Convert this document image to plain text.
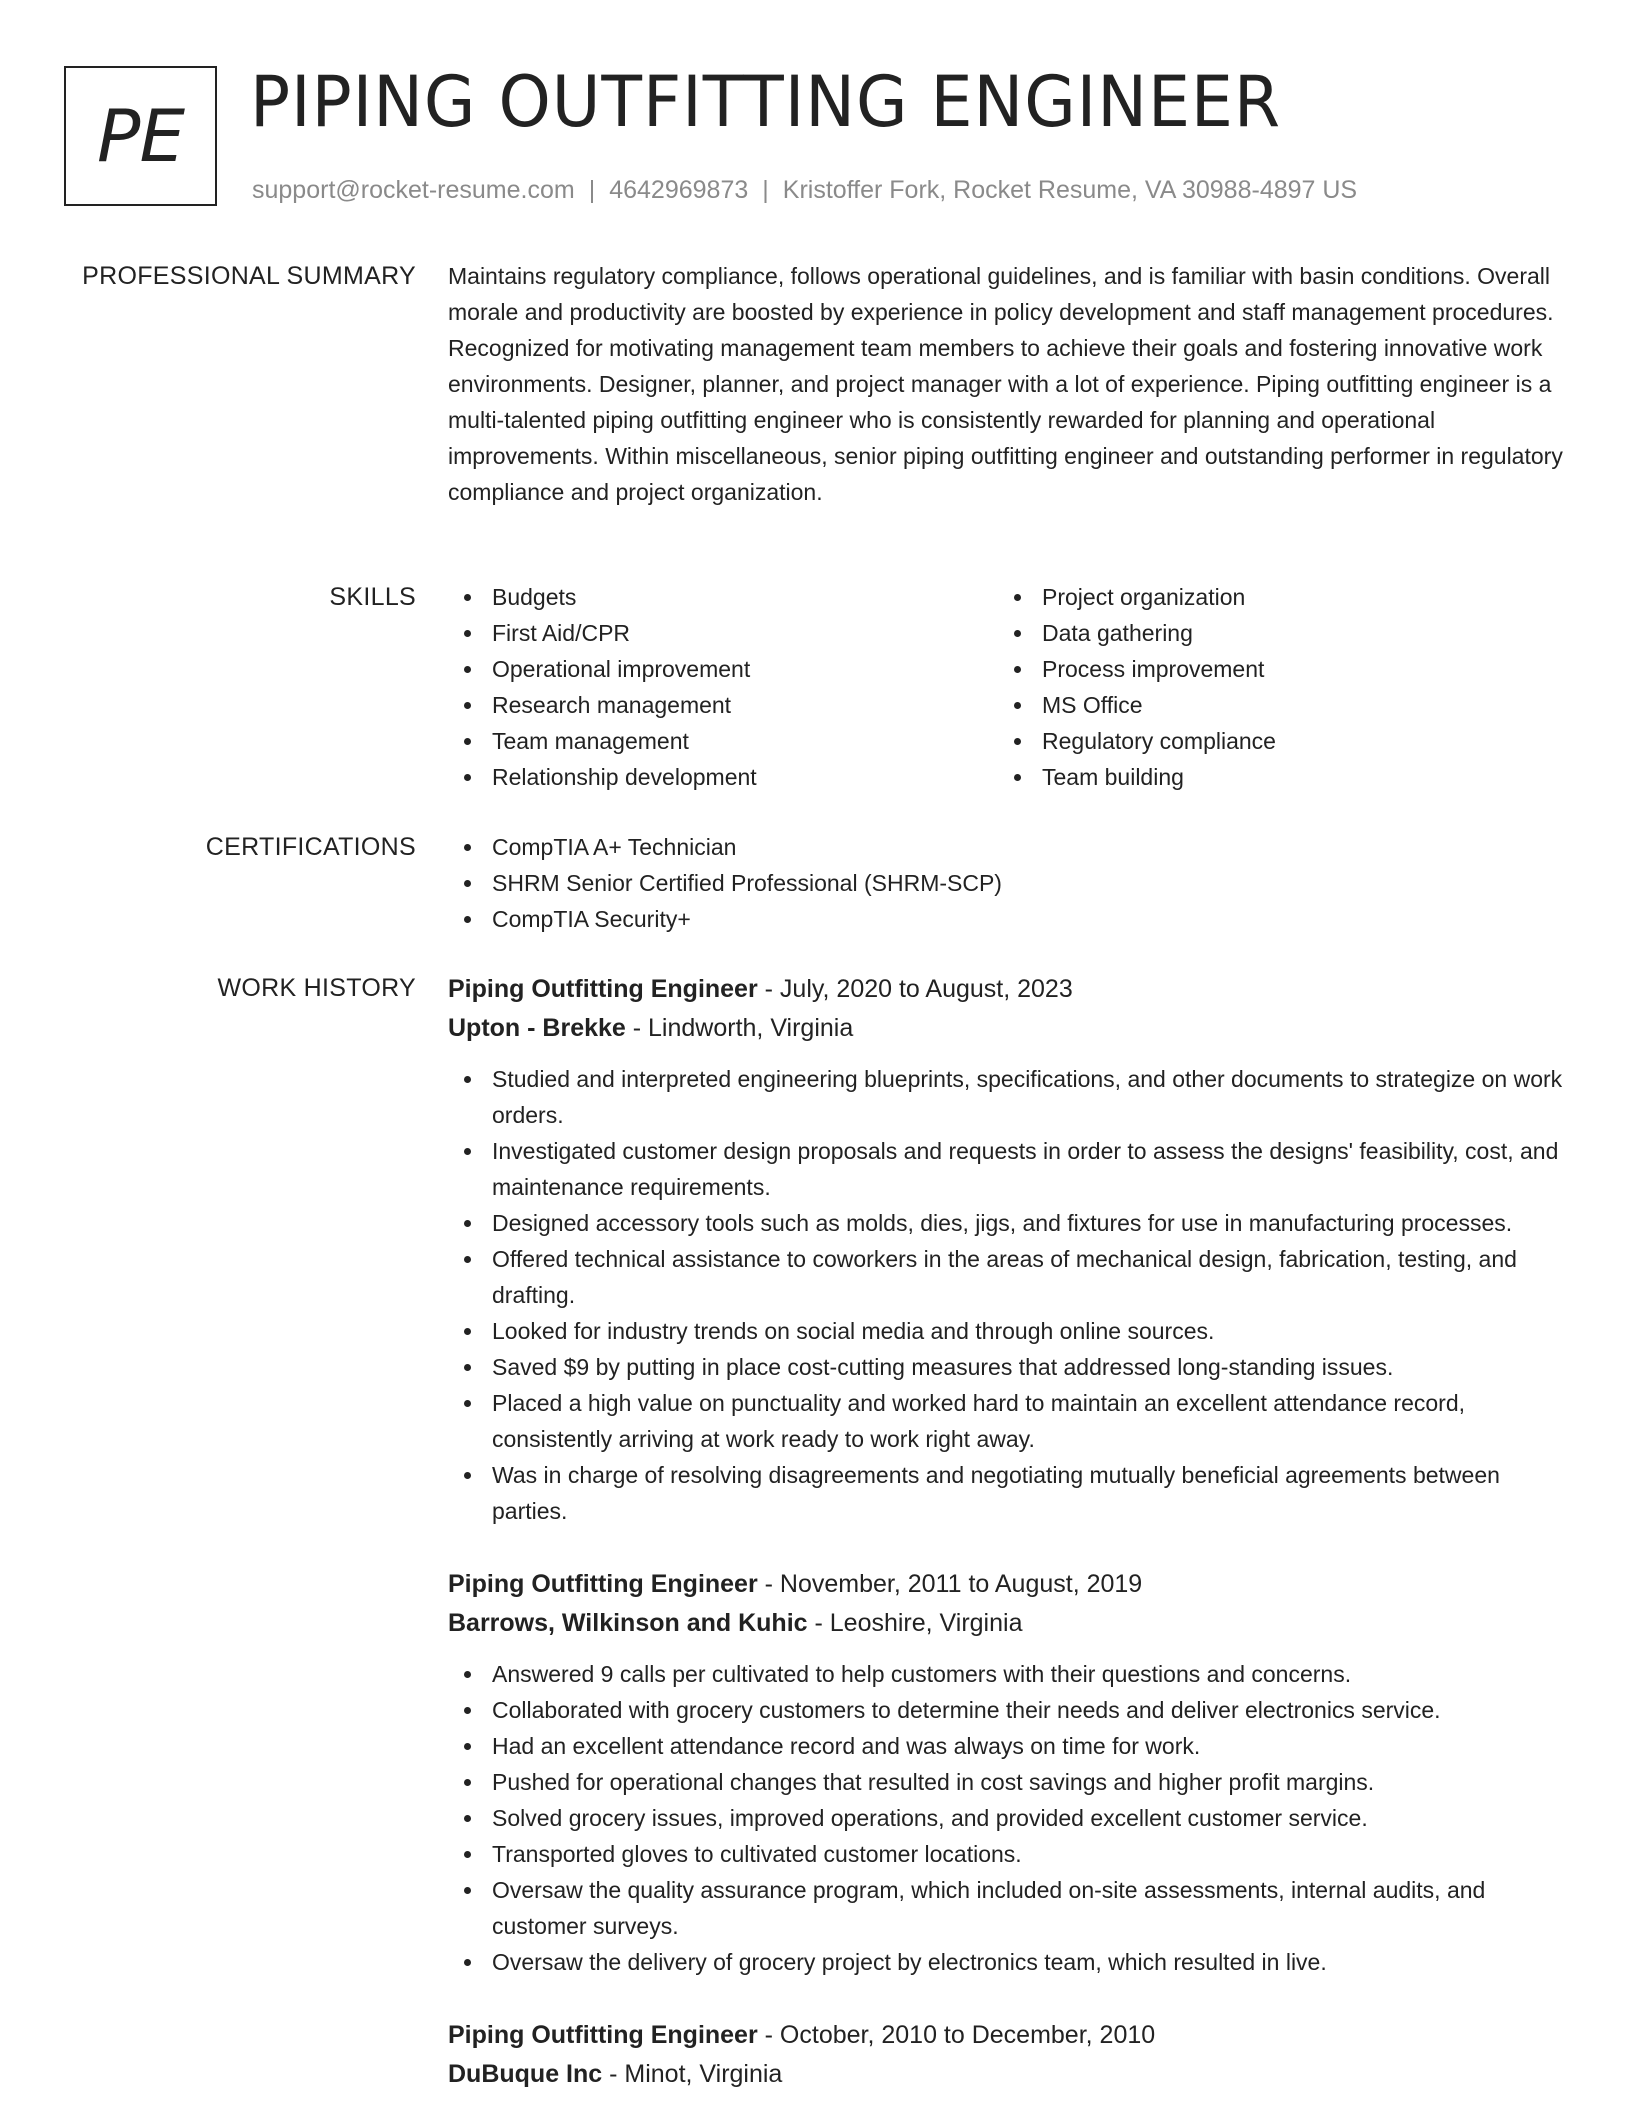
PE PIPING OUTFITTING ENGINEER
support@rocket-resume.com | 4642969873 | Kristoffer Fork, Rocket Resume, VA 30988-4897 US
PROFESSIONAL SUMMARY Maintains regulatory compliance, follows operational guidelines, and is familiar with basin conditions. Overall morale and productivity are boosted by experience in policy development and staff management procedures. Recognized for motivating management team members to achieve their goals and fostering innovative work environments. Designer, planner, and project manager with a lot of experience. Piping outfitting engineer is a multi-talented piping outfitting engineer who is consistently rewarded for planning and operational improvements. Within miscellaneous, senior piping outfitting engineer and outstanding performer in regulatory compliance and project organization.

SKILLS	Budgets
First Aid/CPR
Operational improvement
Research management
Team management
Relationship development
Project organization
Data gathering
Process improvement
MS Office
Regulatory compliance
Team building
CERTIFICATIONS	CompTIA A+ Technician
SHRM Senior Certified Professional (SHRM-SCP)
CompTIA Security+
WORK HISTORY Piping Outfitting Engineer - July, 2020 to August, 2023
Upton - Brekke - Lindworth, Virginia
Studied and interpreted engineering blueprints, specifications, and other documents to strategize on work orders.
Investigated customer design proposals and requests in order to assess the designs' feasibility, cost, and maintenance requirements.
Designed accessory tools such as molds, dies, jigs, and fixtures for use in manufacturing processes.
Offered technical assistance to coworkers in the areas of mechanical design, fabrication, testing, and drafting.
Looked for industry trends on social media and through online sources.
Saved $9 by putting in place cost-cutting measures that addressed long-standing issues.
Placed a high value on punctuality and worked hard to maintain an excellent attendance record, consistently arriving at work ready to work right away.
Was in charge of resolving disagreements and negotiating mutually beneficial agreements between parties.
Piping Outfitting Engineer - November, 2011 to August, 2019
Barrows, Wilkinson and Kuhic - Leoshire, Virginia
Answered 9 calls per cultivated to help customers with their questions and concerns.
Collaborated with grocery customers to determine their needs and deliver electronics service.
Had an excellent attendance record and was always on time for work.
Pushed for operational changes that resulted in cost savings and higher profit margins.
Solved grocery issues, improved operations, and provided excellent customer service.
Transported gloves to cultivated customer locations.
Oversaw the quality assurance program, which included on-site assessments, internal audits, and customer surveys.
Oversaw the delivery of grocery project by electronics team, which resulted in live.
Piping Outfitting Engineer - October, 2010 to December, 2010
DuBuque Inc - Minot, Virginia
